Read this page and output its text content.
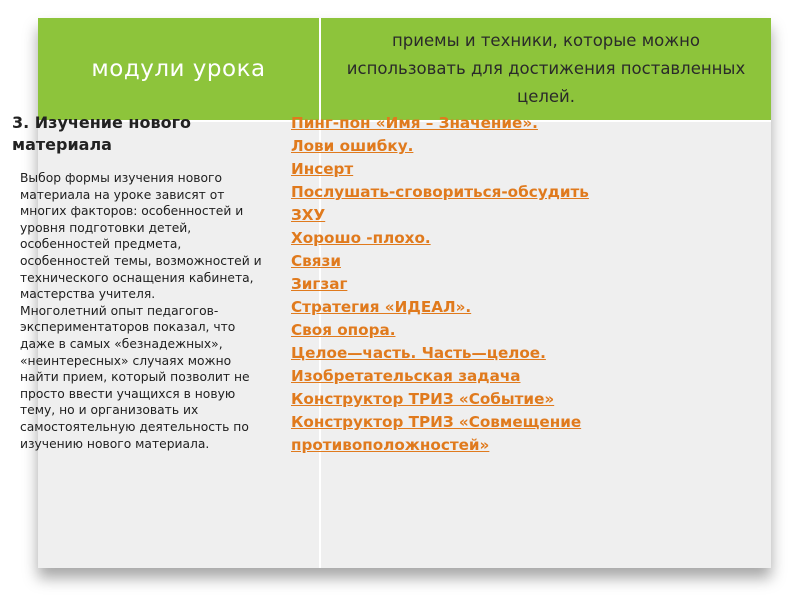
модули урока
приемы и техники, которые можно использовать для достижения поставленных целей.
3. Изучение нового материала
Выбор формы изучения нового материала на уроке зависят от многих факторов: особенностей и уровня подготовки детей, особенностей предмета, особенностей темы, возможностей и технического оснащения кабинета, мастерства учителя.
Многолетний опыт педагогов-экспериментаторов показал, что даже в самых «безнадежных», «неинтересных» случаях можно найти прием, который позволит не просто ввести учащихся в новую тему, но и организовать их самостоятельную деятельность по изучению нового материала.
Пинг-пон «Имя – Значение».
Лови ошибку.
Инсерт
Послушать-сговориться-обсудить
ЗХУ
Хорошо -плохо.
Связи
Зигзаг
Стратегия «ИДЕАЛ».
Своя опора.
Целое—часть. Часть—целое.
Изобретательская задача
Конструктор ТРИЗ «Событие»
Конструктор ТРИЗ «Совмещение противоположностей»
